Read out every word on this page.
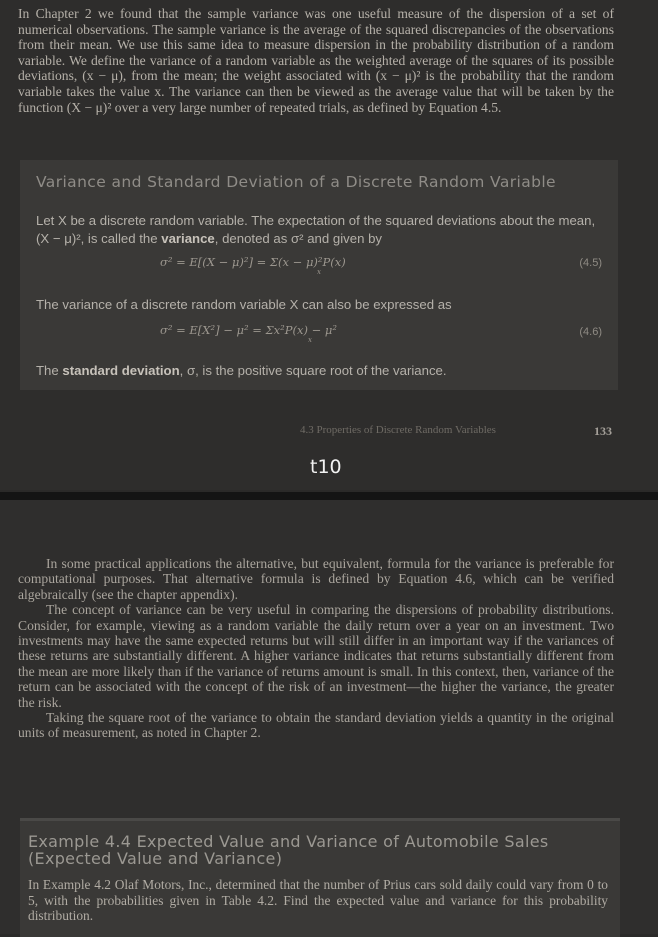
In Chapter 2 we found that the sample variance was one useful measure of the dispersion of a set of numerical observations. The sample variance is the average of the squared discrepancies of the observations from their mean. We use this same idea to measure dispersion in the probability distribution of a random variable. We define the variance of a random variable as the weighted average of the squares of its possible deviations, (x − μ), from the mean; the weight associated with (x − μ)² is the probability that the random variable takes the value x. The variance can then be viewed as the average value that will be taken by the function (X − μ)² over a very large number of repeated trials, as defined by Equation 4.5.

Variance and Standard Deviation of a Discrete Random Variable
Let X be a discrete random variable. The expectation of the squared deviations about the mean, (X − μ)², is called the variance, denoted as σ² and given by
σ² = E[(X − μ)²] = Σ(x − μ)²P(x)
x
(4.5)
The variance of a discrete random variable X can also be expressed as
σ² = E[X²] − μ² = Σx²P(x) − μ²
x
(4.6)
The standard deviation, σ, is the positive square root of the variance.
4.3 Properties of Discrete Random Variables	133
t10

In some practical applications the alternative, but equivalent, formula for the variance is preferable for computational purposes. That alternative formula is defined by Equation 4.6, which can be verified algebraically (see the chapter appendix).

The concept of variance can be very useful in comparing the dispersions of probability distributions. Consider, for example, viewing as a random variable the daily return over a year on an investment. Two investments may have the same expected returns but will still differ in an important way if the variances of these returns are substantially different. A higher variance indicates that returns substantially different from the mean are more likely than if the variance of returns amount is small. In this context, then, variance of the return can be associated with the concept of the risk of an investment—the higher the variance, the greater the risk.

Taking the square root of the variance to obtain the standard deviation yields a quantity in the original units of measurement, as noted in Chapter 2.

Example 4.4 Expected Value and Variance of Automobile Sales (Expected Value and Variance)
In Example 4.2 Olaf Motors, Inc., determined that the number of Prius cars sold daily could vary from 0 to 5, with the probabilities given in Table 4.2. Find the expected value and variance for this probability distribution.
